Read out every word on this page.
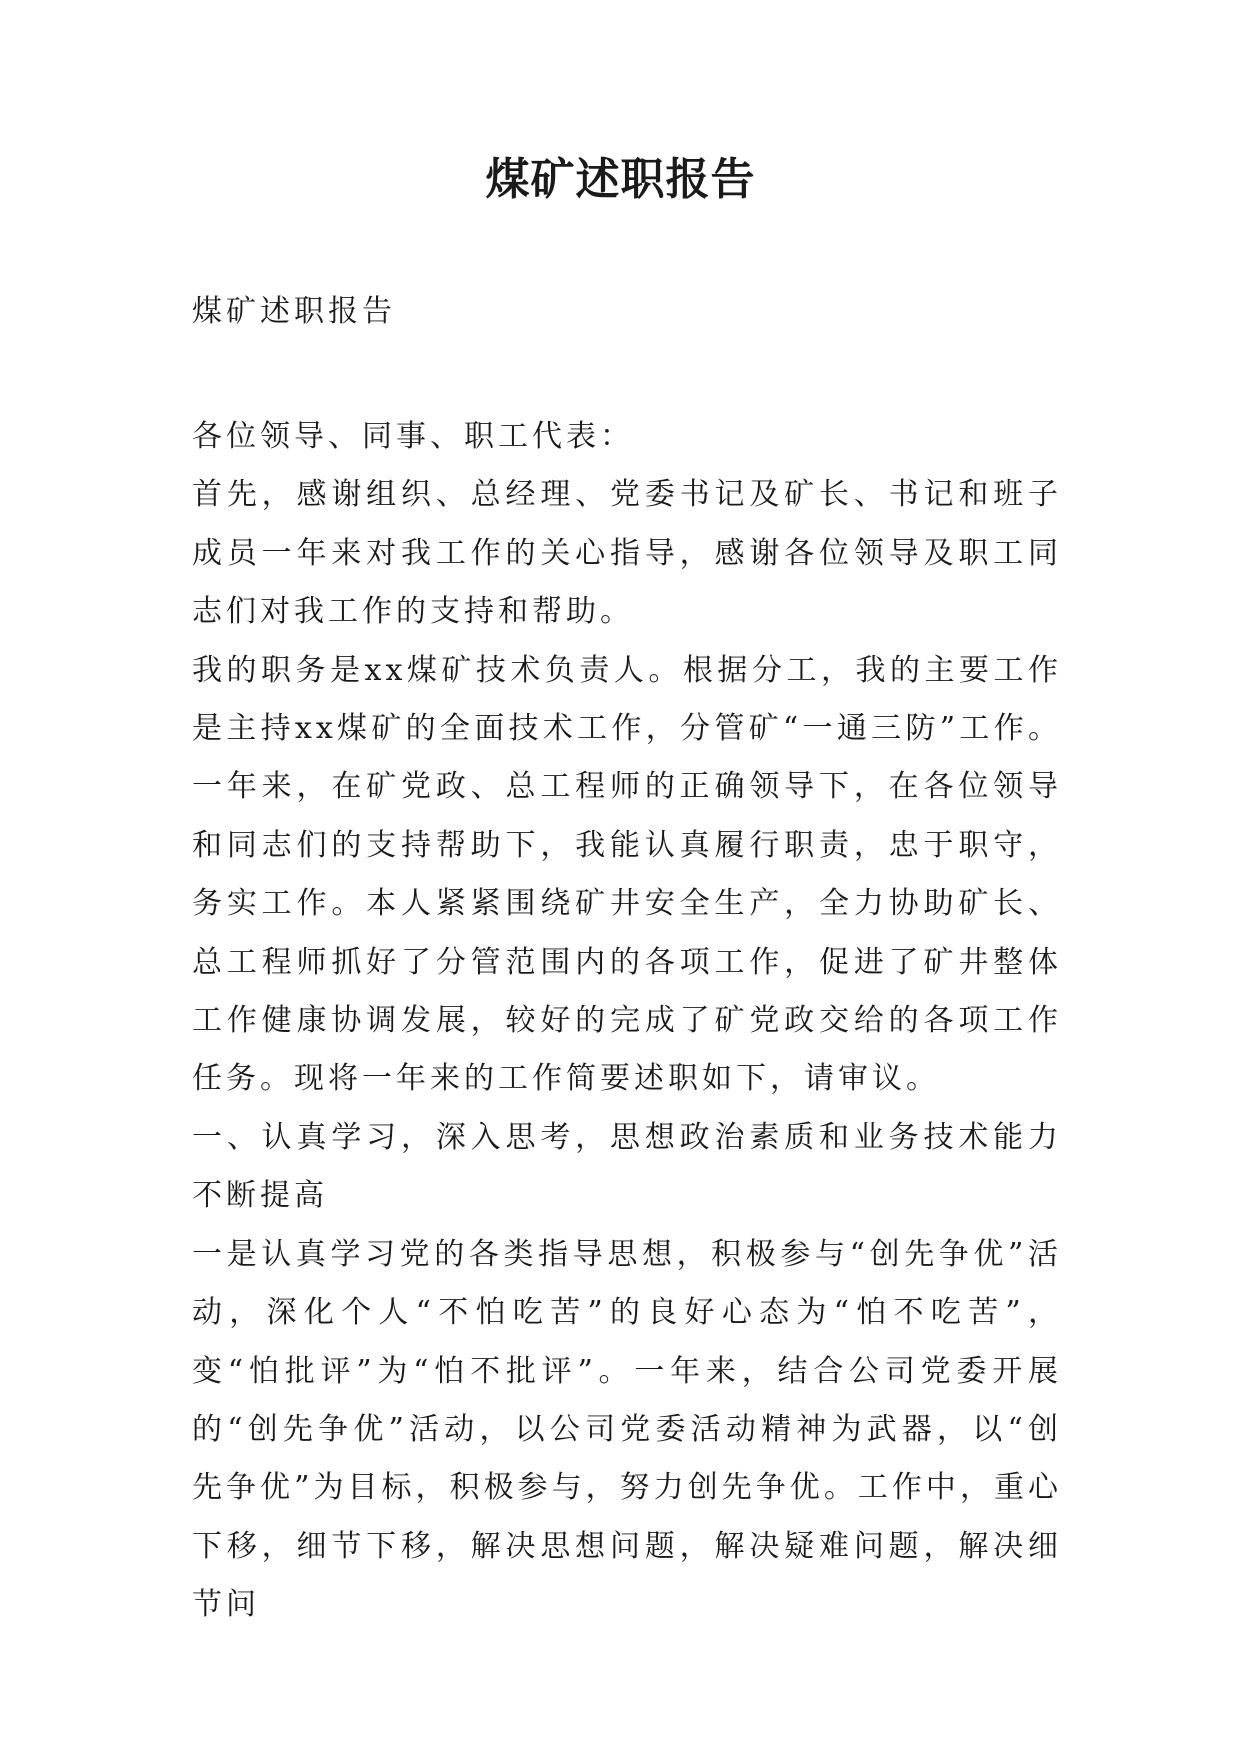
煤矿述职报告
煤矿述职报告

各位领导、同事、职工代表：

首先，感谢组织、总经理、党委书记及矿长、书记和班子成员一年来对我工作的关心指导，感谢各位领导及职工同志们对我工作的支持和帮助。

我的职务是xx煤矿技术负责人。根据分工，我的主要工作是主持xx煤矿的全面技术工作，分管矿“一通三防”工作。一年来，在矿党政、总工程师的正确领导下，在各位领导和同志们的支持帮助下，我能认真履行职责，忠于职守，务实工作。本人紧紧围绕矿井安全生产，全力协助矿长、总工程师抓好了分管范围内的各项工作，促进了矿井整体工作健康协调发展，较好的完成了矿党政交给的各项工作任务。现将一年来的工作简要述职如下，请审议。

一、认真学习，深入思考，思想政治素质和业务技术能力不断提高

一是认真学习党的各类指导思想，积极参与“创先争优”活动，深化个人“不怕吃苦”的良好心态为“怕不吃苦”，变“怕批评”为“怕不批评”。一年来，结合公司党委开展的“创先争优”活动，以公司党委活动精神为武器，以“创先争优”为目标，积极参与，努力创先争优。工作中，重心下移，细节下移，解决思想问题，解决疑难问题，解决细节问
